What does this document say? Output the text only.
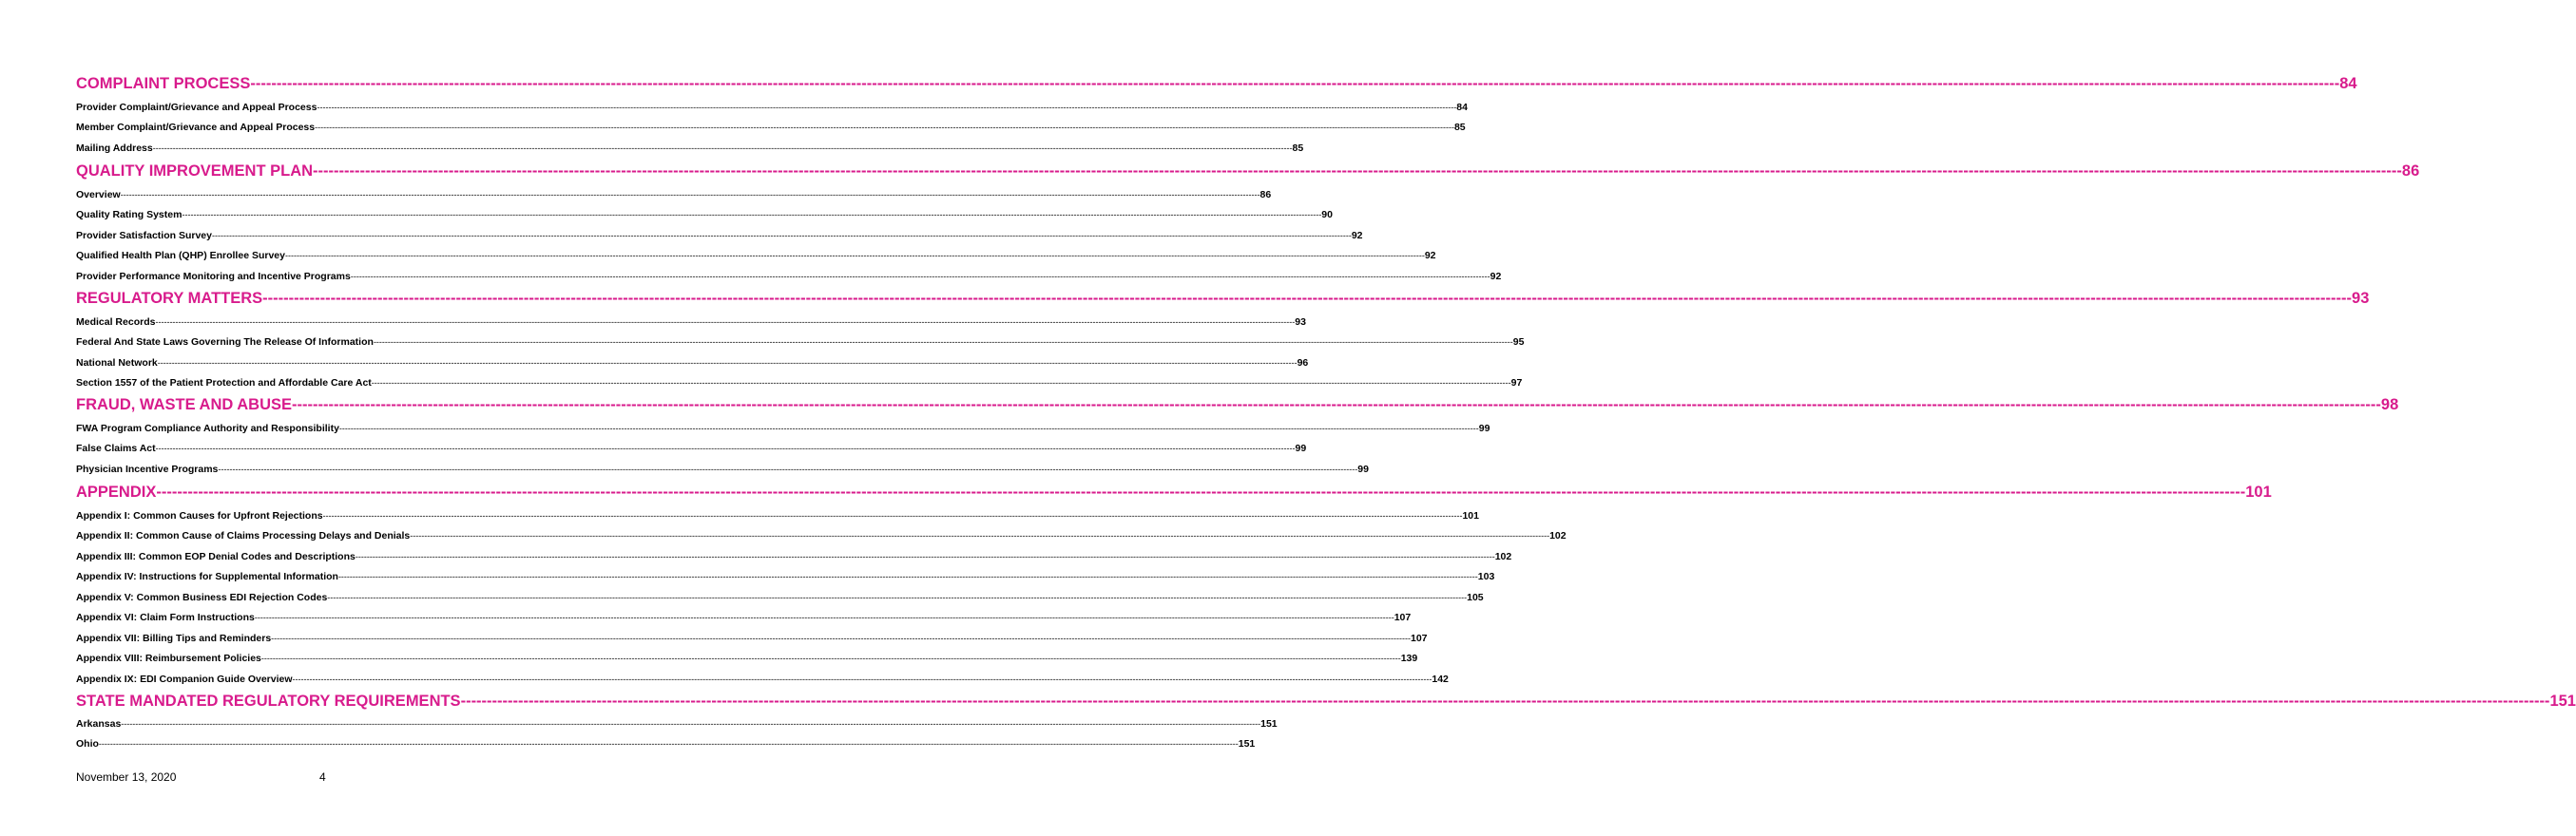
COMPLAINT PROCESS ---------------------------------------------------------------------------------------------------------------------------------------------------------------------------------------------------------------------------------------------------------------------------------------------------------------------------------------------------------------------------------------------------------------- 84
Provider Complaint/Grievance and Appeal Process ---------------------------------------------------------------------------------------------------------------------------------------------------------------------------------------------------------------------------------------------------------------------------------------------------------------------------------------------------------------------------------------------------------------- 84
Member Complaint/Grievance and Appeal Process ---------------------------------------------------------------------------------------------------------------------------------------------------------------------------------------------------------------------------------------------------------------------------------------------------------------------------------------------------------------------------------------------------------------- 85
Mailing Address ---------------------------------------------------------------------------------------------------------------------------------------------------------------------------------------------------------------------------------------------------------------------------------------------------------------------------------------------------------------------------------------------------------------- 85
QUALITY IMPROVEMENT PLAN ---------------------------------------------------------------------------------------------------------------------------------------------------------------------------------------------------------------------------------------------------------------------------------------------------------------------------------------------------------------------------------------------------------------- 86
Overview ---------------------------------------------------------------------------------------------------------------------------------------------------------------------------------------------------------------------------------------------------------------------------------------------------------------------------------------------------------------------------------------------------------------- 86
Quality Rating System ---------------------------------------------------------------------------------------------------------------------------------------------------------------------------------------------------------------------------------------------------------------------------------------------------------------------------------------------------------------------------------------------------------------- 90
Provider Satisfaction Survey ---------------------------------------------------------------------------------------------------------------------------------------------------------------------------------------------------------------------------------------------------------------------------------------------------------------------------------------------------------------------------------------------------------------- 92
Qualified Health Plan (QHP) Enrollee Survey ---------------------------------------------------------------------------------------------------------------------------------------------------------------------------------------------------------------------------------------------------------------------------------------------------------------------------------------------------------------------------------------------------------------- 92
Provider Performance Monitoring and Incentive Programs ---------------------------------------------------------------------------------------------------------------------------------------------------------------------------------------------------------------------------------------------------------------------------------------------------------------------------------------------------------------------------------------------------------------- 92
REGULATORY MATTERS ---------------------------------------------------------------------------------------------------------------------------------------------------------------------------------------------------------------------------------------------------------------------------------------------------------------------------------------------------------------------------------------------------------------- 93
Medical Records ---------------------------------------------------------------------------------------------------------------------------------------------------------------------------------------------------------------------------------------------------------------------------------------------------------------------------------------------------------------------------------------------------------------- 93
Federal And State Laws Governing The Release Of Information ---------------------------------------------------------------------------------------------------------------------------------------------------------------------------------------------------------------------------------------------------------------------------------------------------------------------------------------------------------------------------------------------------------------- 95
National Network ---------------------------------------------------------------------------------------------------------------------------------------------------------------------------------------------------------------------------------------------------------------------------------------------------------------------------------------------------------------------------------------------------------------- 96
Section 1557 of the Patient Protection and Affordable Care Act ---------------------------------------------------------------------------------------------------------------------------------------------------------------------------------------------------------------------------------------------------------------------------------------------------------------------------------------------------------------------------------------------------------------- 97
FRAUD, WASTE AND ABUSE ---------------------------------------------------------------------------------------------------------------------------------------------------------------------------------------------------------------------------------------------------------------------------------------------------------------------------------------------------------------------------------------------------------------- 98
FWA Program Compliance Authority and Responsibility ---------------------------------------------------------------------------------------------------------------------------------------------------------------------------------------------------------------------------------------------------------------------------------------------------------------------------------------------------------------------------------------------------------------- 99
False Claims Act ---------------------------------------------------------------------------------------------------------------------------------------------------------------------------------------------------------------------------------------------------------------------------------------------------------------------------------------------------------------------------------------------------------------- 99
Physician Incentive Programs ---------------------------------------------------------------------------------------------------------------------------------------------------------------------------------------------------------------------------------------------------------------------------------------------------------------------------------------------------------------------------------------------------------------- 99
APPENDIX ---------------------------------------------------------------------------------------------------------------------------------------------------------------------------------------------------------------------------------------------------------------------------------------------------------------------------------------------------------------------------------------------------------------- 101
Appendix I: Common Causes for Upfront Rejections ---------------------------------------------------------------------------------------------------------------------------------------------------------------------------------------------------------------------------------------------------------------------------------------------------------------------------------------------------------------------------------------------------------------- 101
Appendix II: Common Cause of Claims Processing Delays and Denials ---------------------------------------------------------------------------------------------------------------------------------------------------------------------------------------------------------------------------------------------------------------------------------------------------------------------------------------------------------------------------------------------------------------- 102
Appendix III: Common EOP Denial Codes and Descriptions ---------------------------------------------------------------------------------------------------------------------------------------------------------------------------------------------------------------------------------------------------------------------------------------------------------------------------------------------------------------------------------------------------------------- 102
Appendix IV: Instructions for Supplemental Information ---------------------------------------------------------------------------------------------------------------------------------------------------------------------------------------------------------------------------------------------------------------------------------------------------------------------------------------------------------------------------------------------------------------- 103
Appendix V: Common Business EDI Rejection Codes ---------------------------------------------------------------------------------------------------------------------------------------------------------------------------------------------------------------------------------------------------------------------------------------------------------------------------------------------------------------------------------------------------------------- 105
Appendix VI: Claim Form Instructions ---------------------------------------------------------------------------------------------------------------------------------------------------------------------------------------------------------------------------------------------------------------------------------------------------------------------------------------------------------------------------------------------------------------- 107
Appendix VII: Billing Tips and Reminders ---------------------------------------------------------------------------------------------------------------------------------------------------------------------------------------------------------------------------------------------------------------------------------------------------------------------------------------------------------------------------------------------------------------- 107
Appendix VIII: Reimbursement Policies ---------------------------------------------------------------------------------------------------------------------------------------------------------------------------------------------------------------------------------------------------------------------------------------------------------------------------------------------------------------------------------------------------------------- 139
Appendix IX: EDI Companion Guide Overview ---------------------------------------------------------------------------------------------------------------------------------------------------------------------------------------------------------------------------------------------------------------------------------------------------------------------------------------------------------------------------------------------------------------- 142
STATE MANDATED REGULATORY REQUIREMENTS ---------------------------------------------------------------------------------------------------------------------------------------------------------------------------------------------------------------------------------------------------------------------------------------------------------------------------------------------------------------------------------------------------------------- 151
Arkansas ---------------------------------------------------------------------------------------------------------------------------------------------------------------------------------------------------------------------------------------------------------------------------------------------------------------------------------------------------------------------------------------------------------------- 151
Ohio ---------------------------------------------------------------------------------------------------------------------------------------------------------------------------------------------------------------------------------------------------------------------------------------------------------------------------------------------------------------------------------------------------------------- 151
November 13, 2020	4
